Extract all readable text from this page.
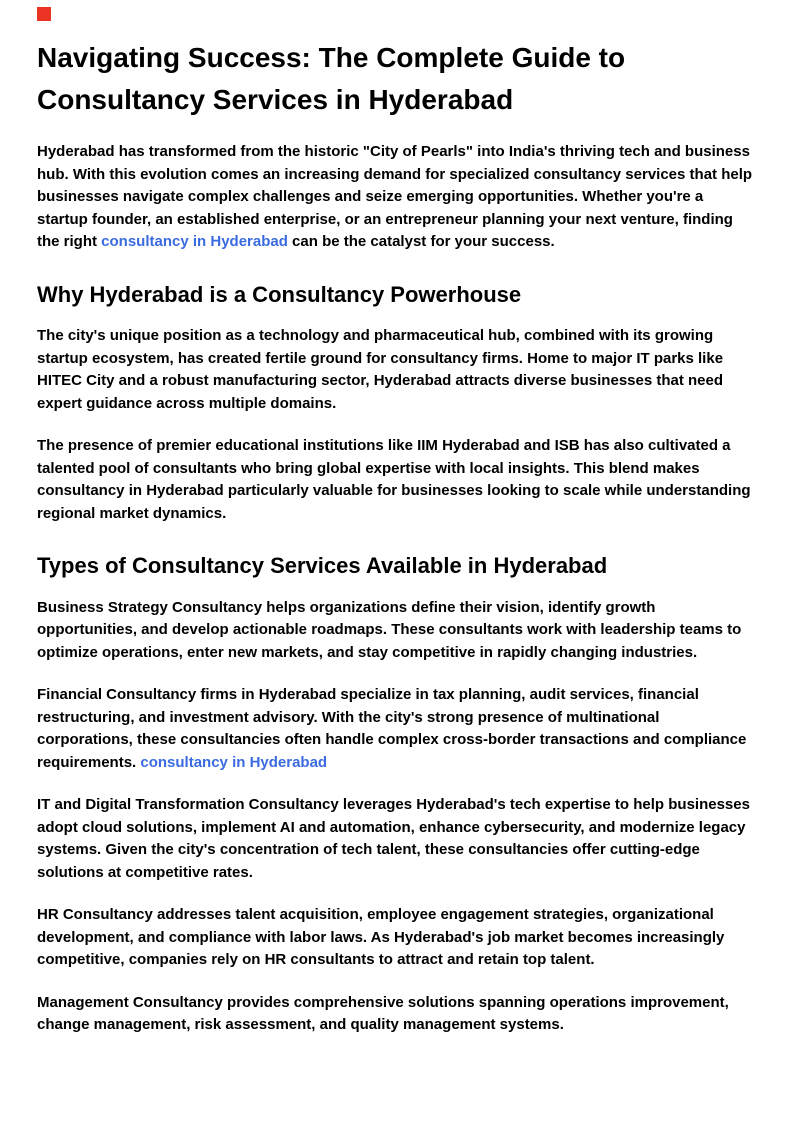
Navigating Success: The Complete Guide to Consultancy Services in Hyderabad

Hyderabad has transformed from the historic "City of Pearls" into India's thriving tech and business hub. With this evolution comes an increasing demand for specialized consultancy services that help businesses navigate complex challenges and seize emerging opportunities. Whether you're a startup founder, an established enterprise, or an entrepreneur planning your next venture, finding the right consultancy in Hyderabad can be the catalyst for your success.

Why Hyderabad is a Consultancy Powerhouse

The city's unique position as a technology and pharmaceutical hub, combined with its growing startup ecosystem, has created fertile ground for consultancy firms. Home to major IT parks like HITEC City and a robust manufacturing sector, Hyderabad attracts diverse businesses that need expert guidance across multiple domains.

The presence of premier educational institutions like IIM Hyderabad and ISB has also cultivated a talented pool of consultants who bring global expertise with local insights. This blend makes consultancy in Hyderabad particularly valuable for businesses looking to scale while understanding regional market dynamics.

Types of Consultancy Services Available in Hyderabad

Business Strategy Consultancy helps organizations define their vision, identify growth opportunities, and develop actionable roadmaps. These consultants work with leadership teams to optimize operations, enter new markets, and stay competitive in rapidly changing industries.

Financial Consultancy firms in Hyderabad specialize in tax planning, audit services, financial restructuring, and investment advisory. With the city's strong presence of multinational corporations, these consultancies often handle complex cross-border transactions and compliance requirements. consultancy in Hyderabad

IT and Digital Transformation Consultancy leverages Hyderabad's tech expertise to help businesses adopt cloud solutions, implement AI and automation, enhance cybersecurity, and modernize legacy systems. Given the city's concentration of tech talent, these consultancies offer cutting-edge solutions at competitive rates.

HR Consultancy addresses talent acquisition, employee engagement strategies, organizational development, and compliance with labor laws. As Hyderabad's job market becomes increasingly competitive, companies rely on HR consultants to attract and retain top talent.

Management Consultancy provides comprehensive solutions spanning operations improvement, change management, risk assessment, and quality management systems.
